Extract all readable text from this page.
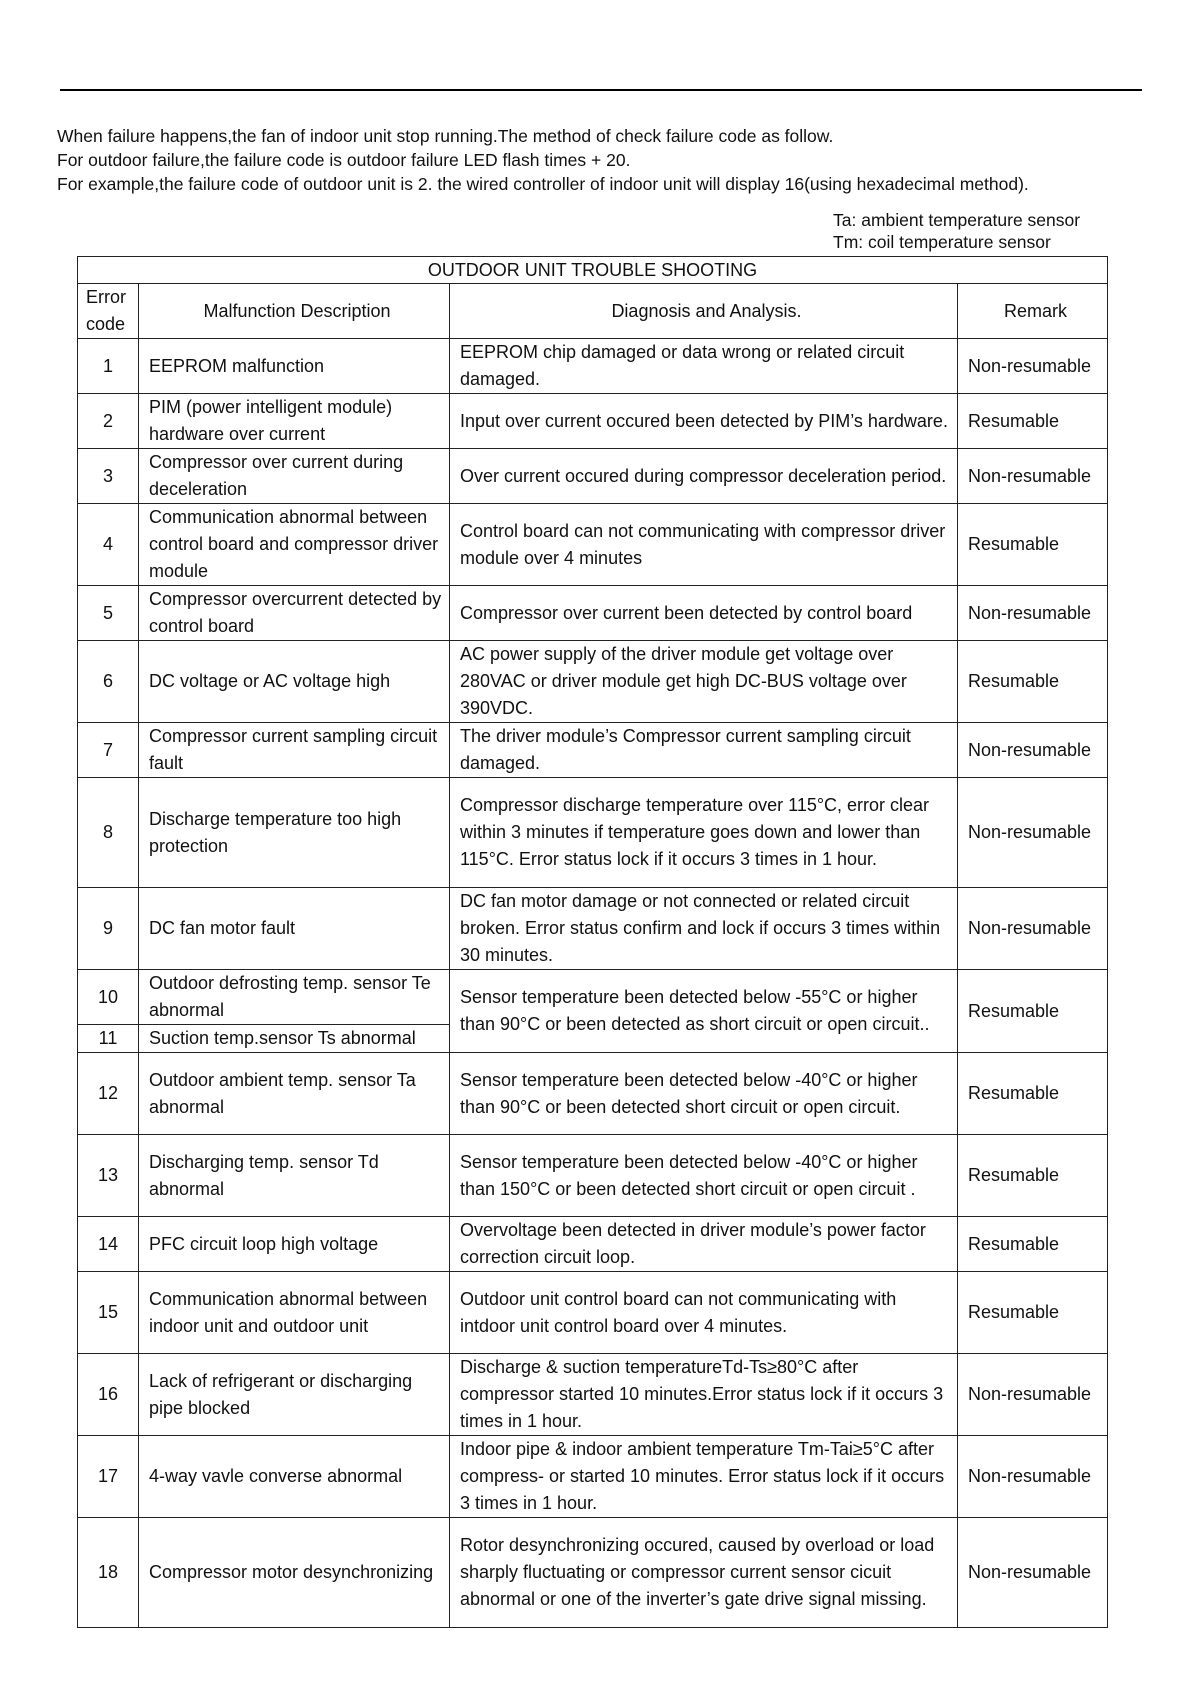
When failure happens,the fan of indoor unit stop running.The method of check failure code as follow.

For outdoor failure,the failure code is outdoor failure LED flash times + 20.

For example,the failure code of outdoor unit is 2. the wired controller of indoor unit will display 16(using hexadecimal method).

Ta: ambient temperature sensor
Tm: coil temperature sensor
OUTDOOR UNIT TROUBLE SHOOTING			
Error
code	Malfunction Description	Diagnosis and Analysis.	Remark
1	EEPROM malfunction	EEPROM chip damaged or data wrong or related circuit damaged.	Non-resumable
2	PIM (power intelligent module) hardware over current	Input over current occured been detected by PIM’s hardware.	Resumable
3	Compressor over current during deceleration	Over current occured during compressor deceleration period.	Non-resumable
4	Communication abnormal between control board and compressor driver module	Control board can not communicating with compressor driver module over 4 minutes	Resumable
5	Compressor overcurrent detected by control board	Compressor over current been detected by control board	Non-resumable
6	DC voltage or AC voltage high	AC power supply of the driver module get voltage over 280VAC or driver module get high DC-BUS voltage over 390VDC.	Resumable
7	Compressor current sampling circuit fault	The driver module’s Compressor current sampling circuit damaged.	Non-resumable
8	Discharge temperature too high protection	Compressor discharge temperature over 115°C, error clear within 3 minutes if temperature goes down and lower than 115°C. Error status lock if it occurs 3 times in 1 hour.	Non-resumable
9	DC fan motor fault	DC fan motor damage or not connected or related circuit broken. Error status confirm and lock if occurs 3 times within 30 minutes.	Non-resumable
10	Outdoor defrosting temp. sensor Te abnormal	Sensor temperature been detected below -55°C or higher than 90°C or been detected as short circuit or open circuit..	Resumable
11	Suction temp.sensor Ts abnormal		
12	Outdoor ambient temp. sensor Ta abnormal	Sensor temperature been detected below -40°C or higher than 90°C or been detected short circuit or open circuit.	Resumable
13	Discharging temp. sensor Td abnormal	Sensor temperature been detected below -40°C or higher than 150°C or been detected short circuit or open circuit .	Resumable
14	PFC circuit loop high voltage	Overvoltage been detected in driver module’s power factor correction circuit loop.	Resumable
15	Communication abnormal between indoor unit and outdoor unit	Outdoor unit control board can not communicating with intdoor unit control board over 4 minutes.	Resumable
16	Lack of refrigerant or discharging pipe blocked	Discharge & suction temperatureTd-Ts≥80°C after compressor started 10 minutes.Error status lock if it occurs 3 times in 1 hour.	Non-resumable
17	4-way vavle converse abnormal	Indoor pipe & indoor ambient temperature Tm-Tai≥5°C after compress- or started 10 minutes. Error status lock if it occurs 3 times in 1 hour.	Non-resumable
18	Compressor motor desynchronizing	Rotor desynchronizing occured, caused by overload or load sharply fluctuating or compressor current sensor cicuit abnormal or one of the inverter’s gate drive signal missing.	Non-resumable
